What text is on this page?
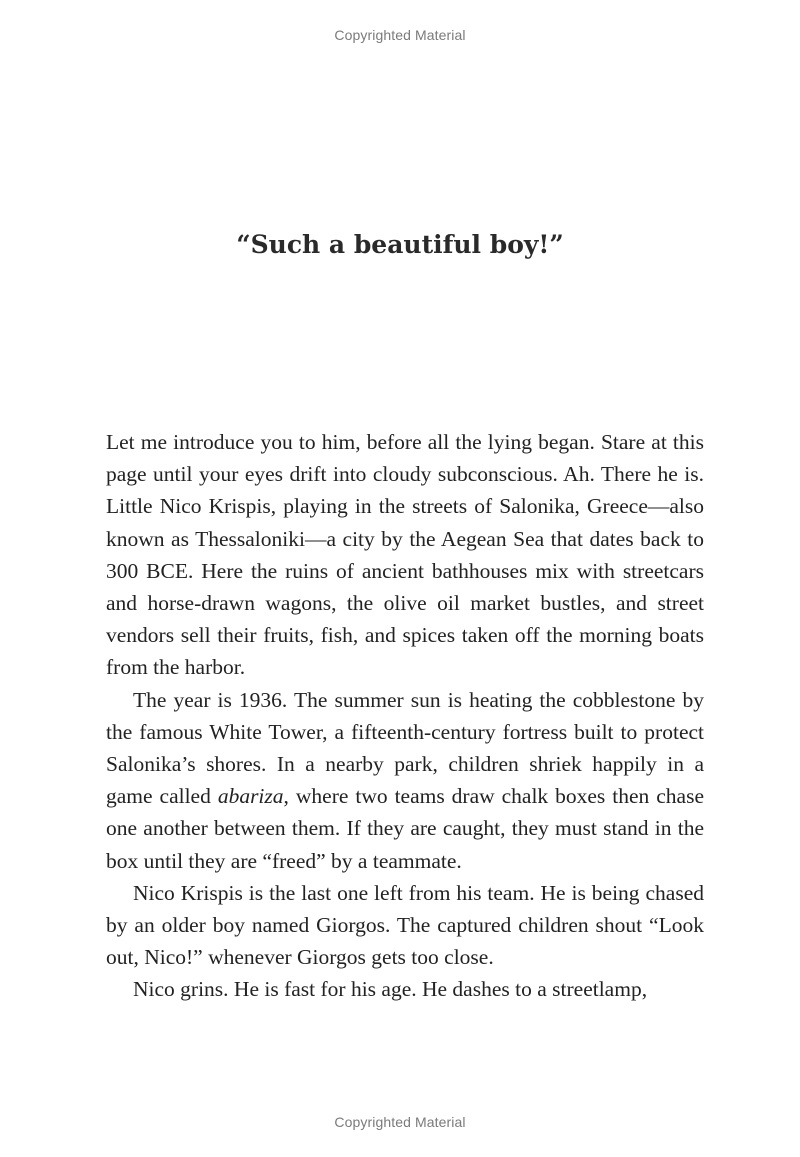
Copyrighted Material
“Such a beautiful boy!”

Let me introduce you to him, before all the lying began. Stare at this page until your eyes drift into cloudy subconscious. Ah. There he is. Little Nico Krispis, playing in the streets of Salonika, Greece—also known as Thessaloniki—a city by the Aegean Sea that dates back to 300 BCE. Here the ruins of ancient bathhouses mix with streetcars and horse-drawn wagons, the olive oil market bustles, and street vendors sell their fruits, fish, and spices taken off the morning boats from the harbor.

The year is 1936. The summer sun is heating the cobblestone by the famous White Tower, a fifteenth-century fortress built to protect Salonika’s shores. In a nearby park, children shriek happily in a game called abariza, where two teams draw chalk boxes then chase one another between them. If they are caught, they must stand in the box until they are “freed” by a teammate.

Nico Krispis is the last one left from his team. He is being chased by an older boy named Giorgos. The captured children shout “Look out, Nico!” whenever Giorgos gets too close.

Nico grins. He is fast for his age. He dashes to a streetlamp,

Copyrighted Material
